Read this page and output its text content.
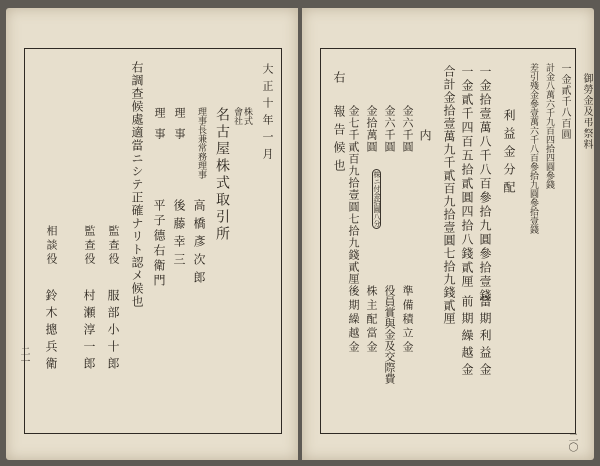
二〇
御勞金及弔祭料
一金貳千八百圓
計金八萬六千九百四拾四圓參錢
差引殘金參壹萬六千八百參拾九圓參拾壹錢
利益金分配
一金拾壹萬八千八百參拾九圓參拾壹錢
一金貳千四百五拾貳圓四拾八錢貳厘
合計金拾壹萬九千貳百九拾壹圓七拾九錢貳厘
當期利益金
前期繰越金
内
金六千圓
金六千圓
金拾萬圓
株ニ付金拾圓八分
金七千貳百九拾壹圓七拾九錢貳厘
準備積立金
役員賞與金及交際費
株主配當金
後期繰越金
右
報告候也
二一
大正十年一月
株式
會社
名古屋株式取引所
理事長兼常務理事
高橋彥次郎
理事
後藤幸三
理事
平子德右衛門
右調查候處適當ニシテ正確ナリト認メ候也
監查役
服部小十郎
監查役
村瀬淳一郎
相談役
鈴木摠兵衛
